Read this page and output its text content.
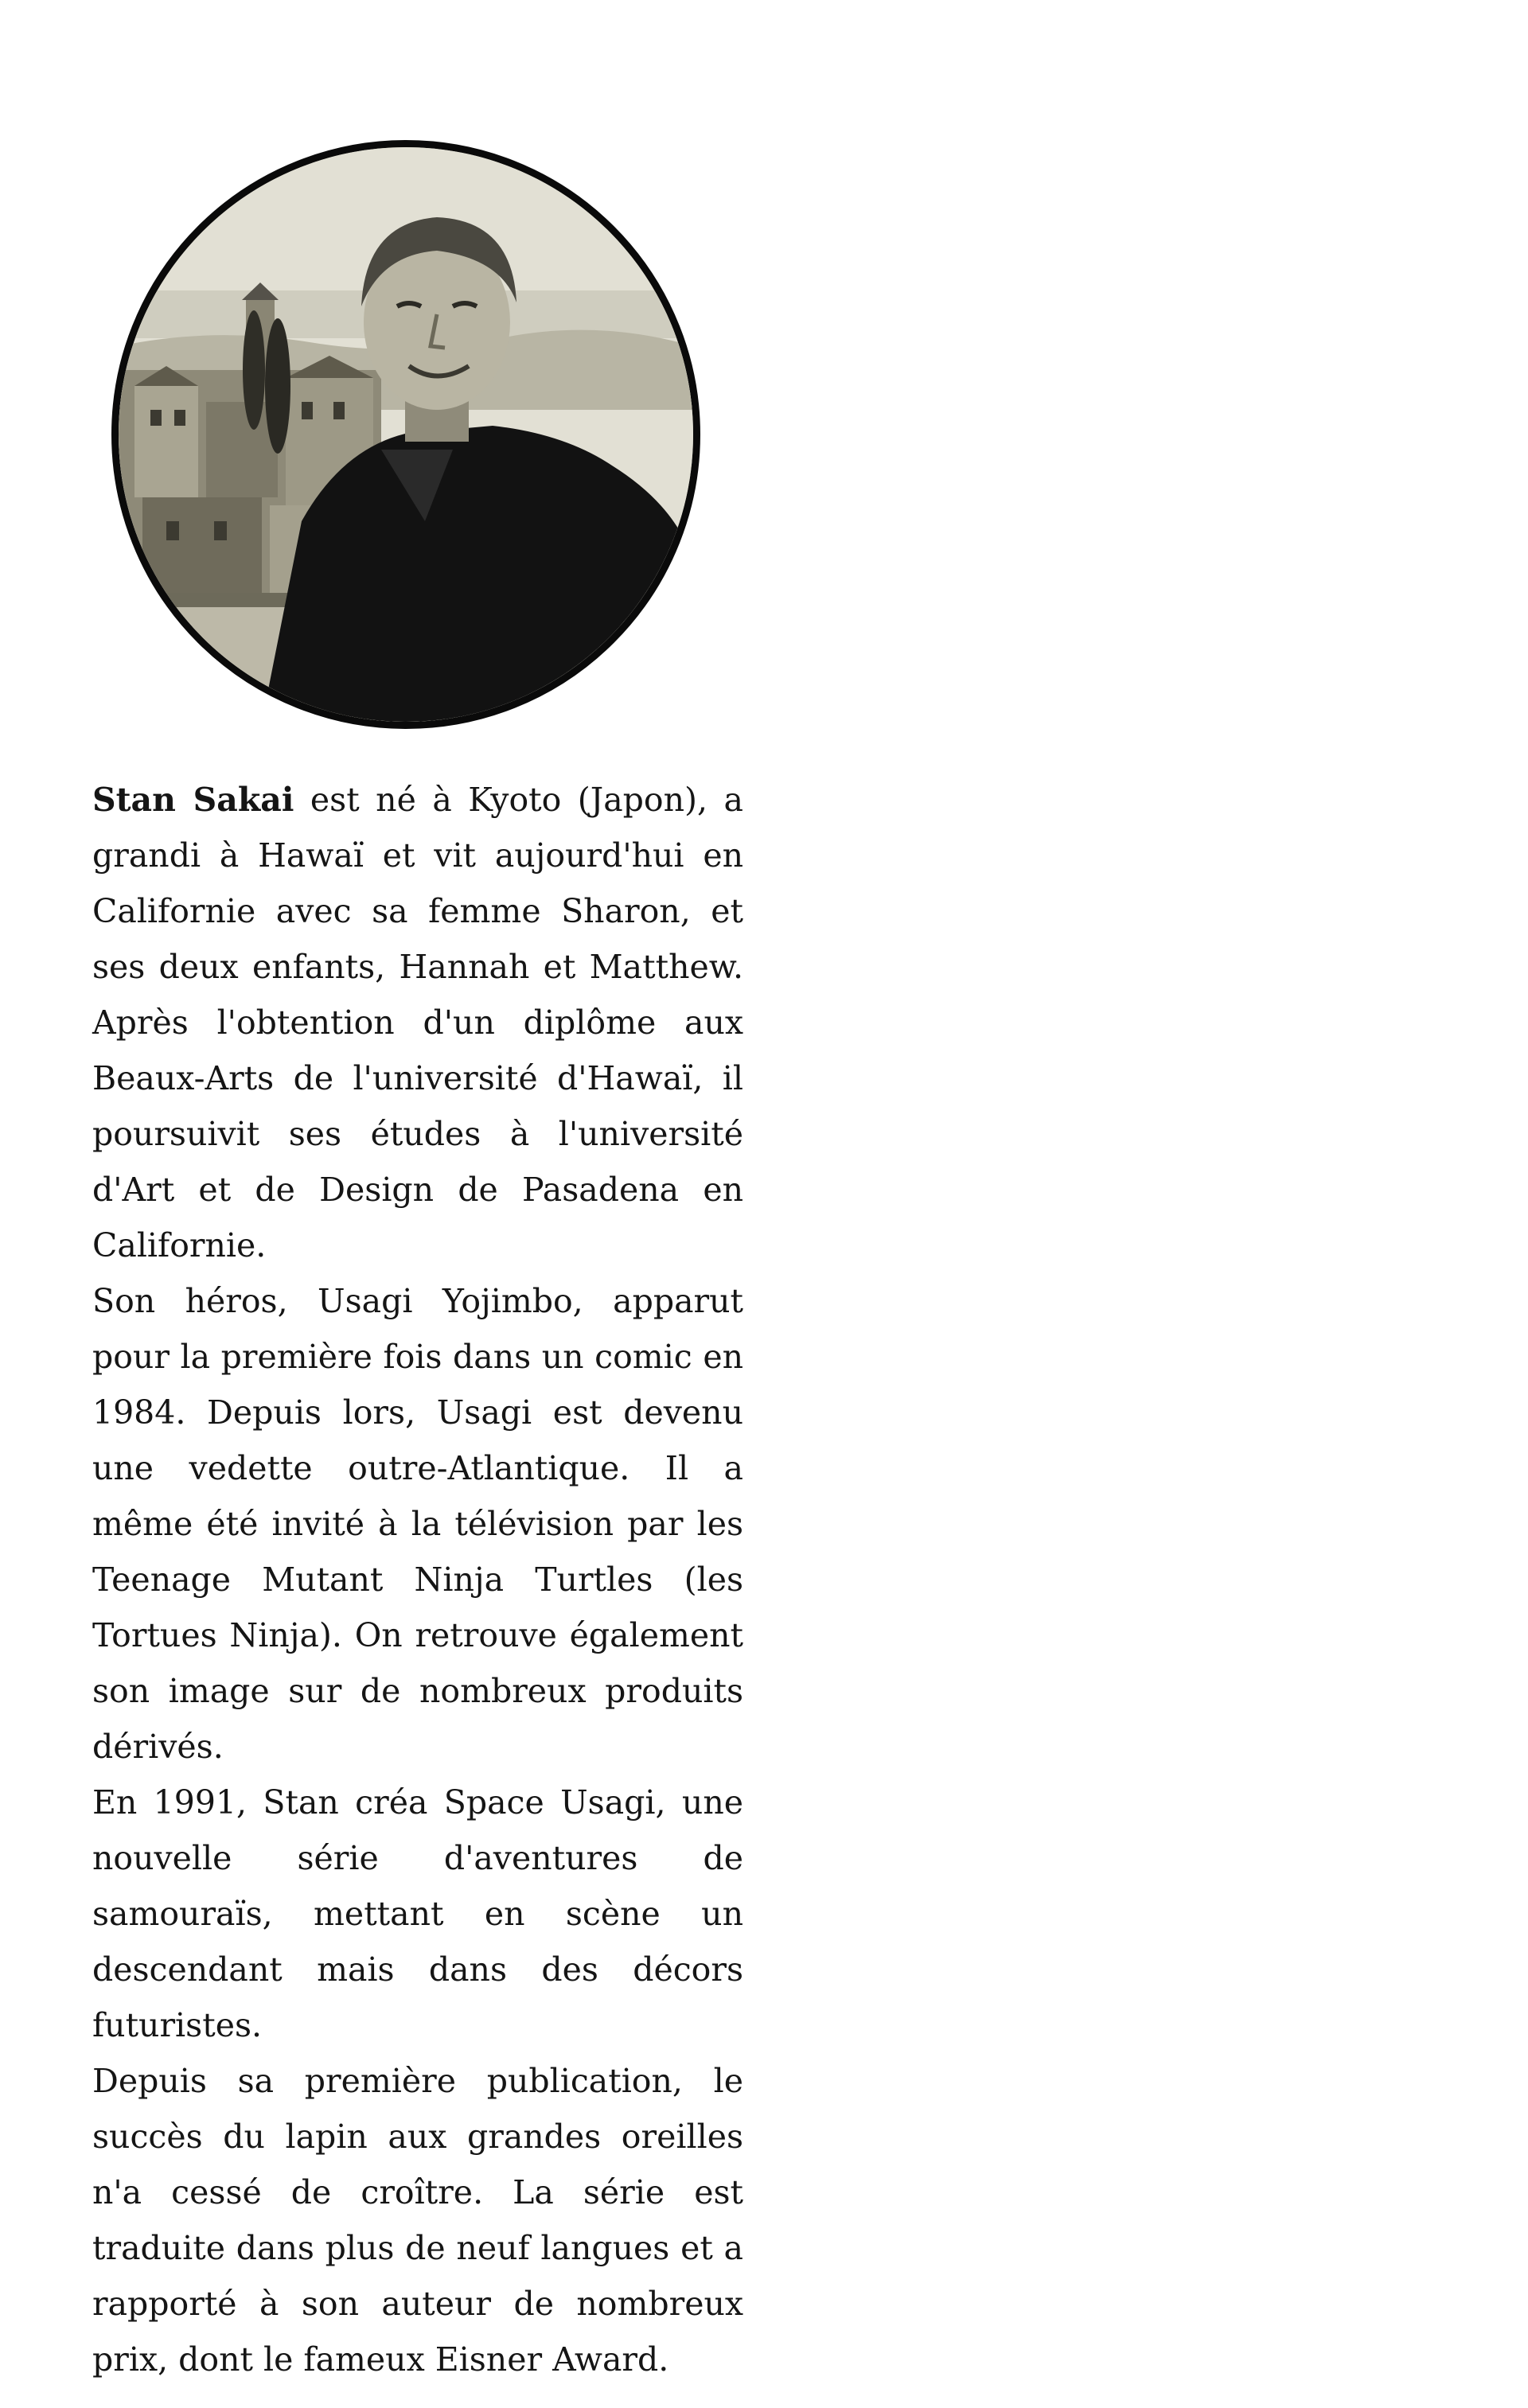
Stan Sakai est né à Kyoto (Japon), a grandi à Hawaï et vit aujourd'hui en Californie avec sa femme Sharon, et ses deux enfants, Hannah et Matthew. Après l'obtention d'un diplôme aux Beaux-Arts de l'université d'Hawaï, il poursuivit ses études à l'université d'Art et de Design de Pasadena en Californie.

Son héros, Usagi Yojimbo, apparut pour la première fois dans un comic en 1984. Depuis lors, Usagi est devenu une vedette outre-Atlantique. Il a même été invité à la télévision par les Teenage Mutant Ninja Turtles (les Tortues Ninja). On retrouve également son image sur de nombreux produits dérivés.

En 1991, Stan créa Space Usagi, une nouvelle série d'aventures de samouraïs, mettant en scène un descendant mais dans des décors futuristes.

Depuis sa première publication, le succès du lapin aux grandes oreilles n'a cessé de croître. La série est traduite dans plus de neuf langues et a rapporté à son auteur de nombreux prix, dont le fameux Eisner Award.
